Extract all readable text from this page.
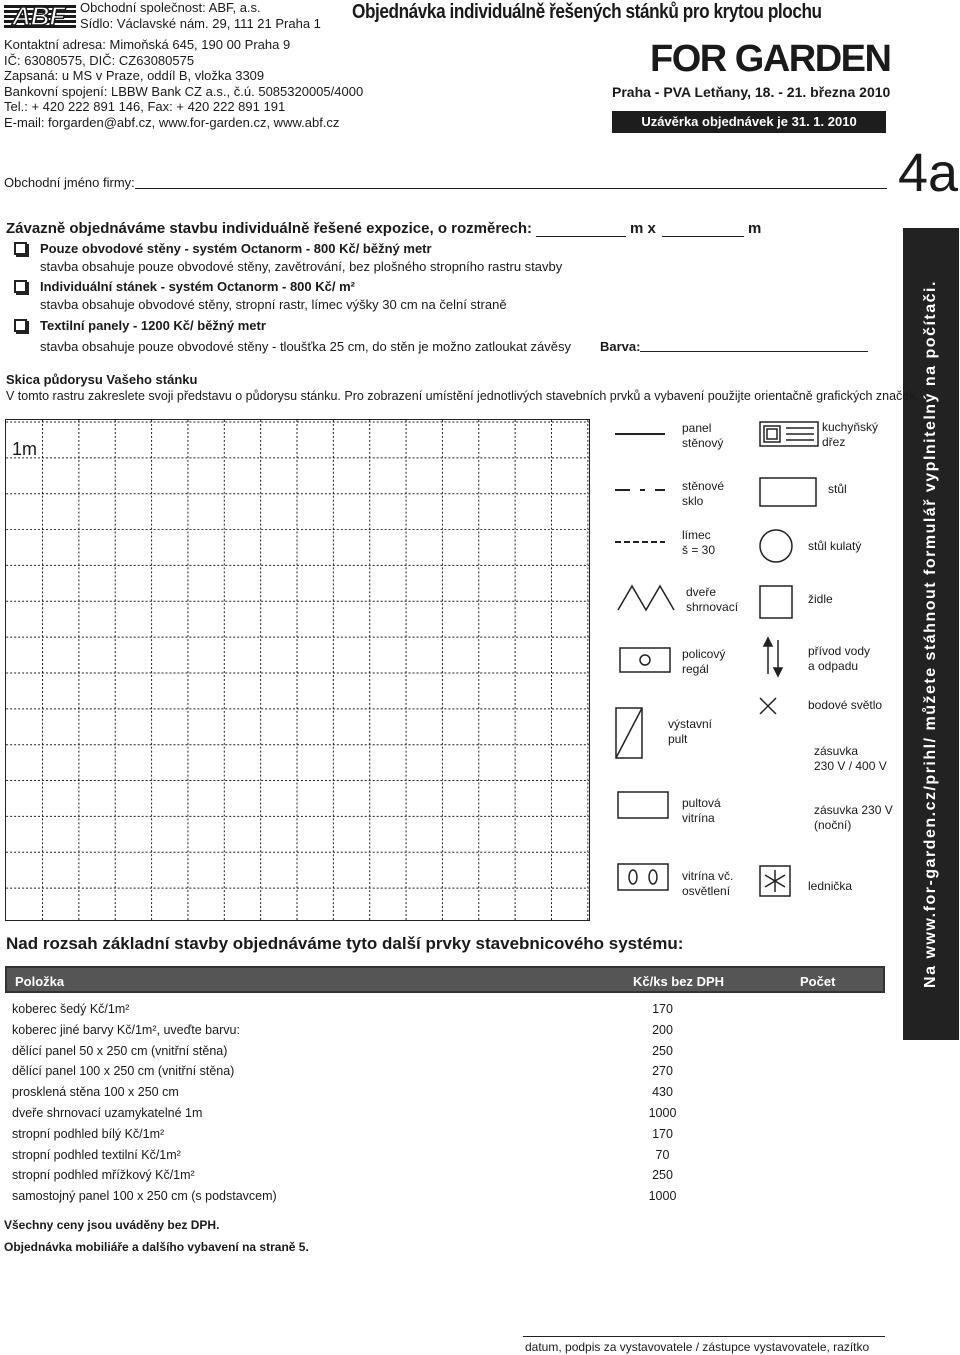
ABF Obchodní společnost: ABF, a.s.
Sídlo: Václavské nám. 29, 111 21 Praha 1
Kontaktní adresa: Mimoňská 645, 190 00 Praha 9
IČ: 63080575, DIČ: CZ63080575
Zapsaná: u MS v Praze, oddíl B, vložka 3309
Bankovní spojení: LBBW Bank CZ a.s., č.ú. 5085320005/4000
Tel.: + 420 222 891 146, Fax: + 420 222 891 191
E-mail: forgarden@abf.cz, www.for-garden.cz, www.abf.cz
Objednávka individuálně řešených stánků pro krytou plochu
FOR GARDEN
Praha - PVA Letňany, 18. - 21. března 2010
Uzávěrka objednávek je 31. 1. 2010
4a
Obchodní jméno firmy:
Na www.for-garden.cz/prihl/ můžete stáhnout formulář vyplnitelný na počítači.
Závazně objednáváme stavbu individuálně řešené expozice, o rozměrech:	m x	m
Pouze obvodové stěny - systém Octanorm - 800 Kč/ běžný metr
stavba obsahuje pouze obvodové stěny, zavětrování, bez plošného stropního rastru stavby
Individuální stánek - systém Octanorm - 800 Kč/ m²
stavba obsahuje obvodové stěny, stropní rastr, límec výšky 30 cm na čelní straně
Textilní panely - 1200 Kč/ běžný metr
stavba obsahuje pouze obvodové stěny - tloušťka 25 cm, do stěn je možno zatloukat závěsy Barva:
Skica půdorysu Vašeho stánku
V tomto rastru zakreslete svoji představu o půdorysu stánku. Pro zobrazení umístění jednotlivých stavebních prvků a vybavení použijte orientačně grafických značek.
1m
panel
stěnový
stěnové
sklo
límec
š = 30
dveře
shrnovací
policový
regál
výstavní
pult
pultová
vitrína
vitrína vč.
osvětlení
kuchyňský
dřez
stůl
stůl kulatý
židle
přívod vody
a odpadu
bodové světlo
zásuvka
230 V / 400 V
zásuvka 230 V
(noční)
lednička
Nad rozsah základní stavby objednáváme tyto další prvky stavebnicového systému:
Položka	Kč/ks bez DPH	Počet
koberec šedý Kč/1m²	170
koberec jiné barvy Kč/1m², uveďte barvu:	200
dělící panel 50 x 250 cm (vnitřní stěna)	250
dělící panel 100 x 250 cm (vnitřní stěna)	270
prosklená stěna 100 x 250 cm	430
dveře shrnovací uzamykatelné 1m	1000
stropní podhled bílý Kč/1m²	170
stropní podhled textilní Kč/1m²	70
stropní podhled mřížkový Kč/1m²	250
samostojný panel 100 x 250 cm (s podstavcem)	1000
Všechny ceny jsou uváděny bez DPH.
Objednávka mobiliáře a dalšího vybavení na straně 5.
datum, podpis za vystavovatele / zástupce vystavovatele, razítko
